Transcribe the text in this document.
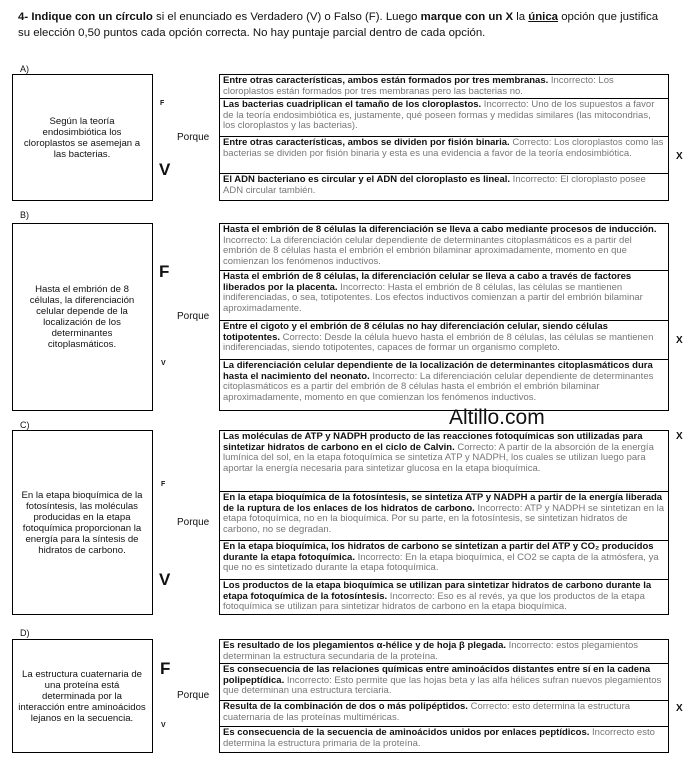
4- Indique con un círculo si el enunciado es Verdadero (V) o Falso (F). Luego marque con un X la única opción que justifica
su elección 0,50 puntos cada opción correcta. No hay puntaje parcial dentro de cada opción.
A)
Según la teoría endosimbiótica los cloroplastos se asemejan a las bacterias.
F
V
Porque
Entre otras características, ambos están formados por tres membranas. Incorrecto: Los cloroplastos están formados por tres membranas pero las bacterias no.
Las bacterias cuadriplican el tamaño de los cloroplastos. Incorrecto: Uno de los supuestos a favor de la teoría endosimbiótica es, justamente, qué poseen formas y medidas similares (las mitocondrias, los cloroplastos y las bacterias).
Entre otras características, ambos se dividen por fisión binaria. Correcto: Los cloroplastos como las bacterias se dividen por fisión binaria y esta es una evidencia a favor de la teoría endosimbiótica.
El ADN bacteriano es circular y el ADN del cloroplasto es lineal. Incorrecto: El cloroplasto posee ADN circular también.
X
B)
Hasta el embrión de 8 células, la diferenciación celular depende de la localización de los determinantes citoplasmáticos.
F
V
Porque
Hasta el embrión de 8 células la diferenciación se lleva a cabo mediante procesos de inducción. Incorrecto: La diferenciación celular dependiente de determinantes citoplasmáticos es a partir del embrión de 8 células hasta el embrión el embrión bilaminar aproximadamente, momento en que comienzan los fenómenos inductivos.
Hasta el embrión de 8 células, la diferenciación celular se lleva a cabo a través de factores liberados por la placenta. Incorrecto: Hasta el embrión de 8 células, las células se mantienen indiferenciadas, o sea, totipotentes. Los efectos inductivos comienzan a partir del embrión bilaminar aproximadamente.
Entre el cigoto y el embrión de 8 células no hay diferenciación celular, siendo células totipotentes. Correcto: Desde la célula huevo hasta el embrión de 8 células, las células se mantienen indiferenciadas, siendo totipotentes, capaces de formar un organismo completo.
La diferenciación celular dependiente de la localización de determinantes citoplasmáticos dura hasta el nacimiento del neonato. Incorrecto: La diferenciación celular dependiente de determinantes citoplasmáticos es a partir del embrión de 8 células hasta el embrión el embrión bilaminar aproximadamente, momento en que comienzan los fenómenos inductivos.
X
Altillo.com
C)
En la etapa bioquímica de la fotosíntesis, las moléculas producidas en la etapa fotoquímica proporcionan la energía para la síntesis de hidratos de carbono.
F
V
Porque
Las moléculas de ATP y NADPH producto de las reacciones fotoquímicas son utilizadas para sintetizar hidratos de carbono en el ciclo de Calvin. Correcto: A partir de la absorción de la energía lumínica del sol, en la etapa fotoquímica se sintetiza ATP y NADPH, los cuales se utilizan luego para aportar la energía necesaria para sintetizar glucosa en la etapa bioquímica.
En la etapa bioquímica de la fotosíntesis, se sintetiza ATP y NADPH a partir de la energía liberada de la ruptura de los enlaces de los hidratos de carbono. Incorrecto: ATP y NADPH se sintetizan en la etapa fotoquímica, no en la bioquímica. Por su parte, en la fotosíntesis, se sintetizan hidratos de carbono, no se degradan.
En la etapa bioquímica, los hidratos de carbono se sintetizan a partir del ATP y CO₂ producidos durante la etapa fotoquímica. Incorrecto: En la etapa bioquímica, el CO2 se capta de la atmósfera, ya que no es sintetizado durante la etapa fotoquímica.
Los productos de la etapa bioquímica se utilizan para sintetizar hidratos de carbono durante la etapa fotoquímica de la fotosíntesis. Incorrecto: Eso es al revés, ya que los productos de la etapa fotoquímica se utilizan para sintetizar hidratos de carbono en la etapa bioquímica.
X
D)
La estructura cuaternaria de una proteína está determinada por la interacción entre aminoácidos lejanos en la secuencia.
F
V
Porque
Es resultado de los plegamientos α-hélice y de hoja β plegada. Incorrecto: estos plegamientos determinan la estructura secundaria de la proteína.
Es consecuencia de las relaciones químicas entre aminoácidos distantes entre sí en la cadena polipeptídica. Incorrecto: Esto permite que las hojas beta y las alfa hélices sufran nuevos plegamientos que determinan una estructura terciaria.
Resulta de la combinación de dos o más polipéptidos. Correcto: esto determina la estructura cuaternaria de las proteínas multiméricas.
Es consecuencia de la secuencia de aminoácidos unidos por enlaces peptídicos. Incorrecto esto determina la estructura primaria de la proteína.
X
